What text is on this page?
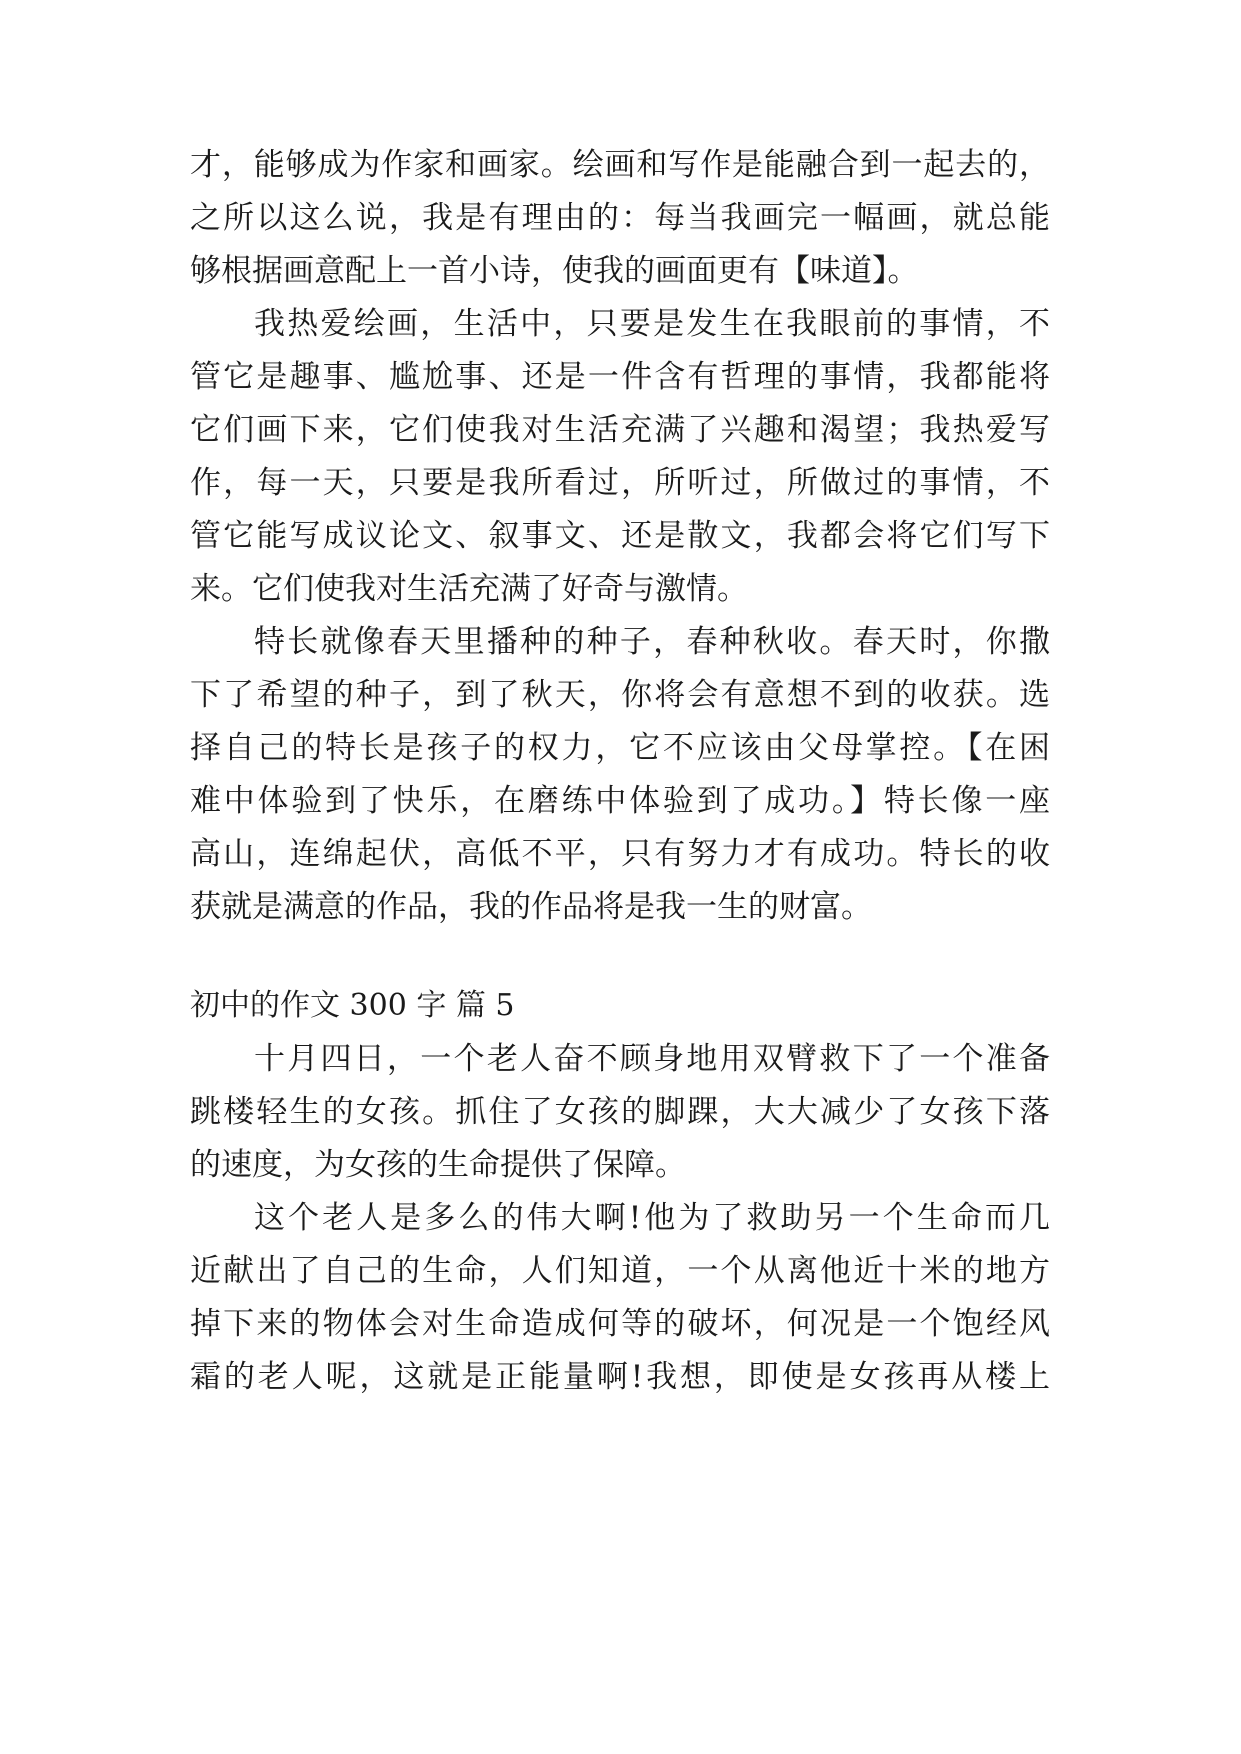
才，能够成为作家和画家。绘画和写作是能融合到一起去的，
之所以这么说，我是有理由的：每当我画完一幅画，就总能
够根据画意配上一首小诗，使我的画面更有【味道】。
我热爱绘画，生活中，只要是发生在我眼前的事情，不
管它是趣事、尴尬事、还是一件含有哲理的事情，我都能将
它们画下来，它们使我对生活充满了兴趣和渴望；我热爱写
作，每一天，只要是我所看过，所听过，所做过的事情，不
管它能写成议论文、叙事文、还是散文，我都会将它们写下
来。它们使我对生活充满了好奇与激情。
特长就像春天里播种的种子，春种秋收。春天时，你撒
下了希望的种子，到了秋天，你将会有意想不到的收获。选
择自己的特长是孩子的权力，它不应该由父母掌控。【在困
难中体验到了快乐，在磨练中体验到了成功。】特长像一座
高山，连绵起伏，高低不平，只有努力才有成功。特长的收
获就是满意的作品，我的作品将是我一生的财富。
初中的作文 300 字 篇 5
十月四日，一个老人奋不顾身地用双臂救下了一个准备
跳楼轻生的女孩。抓住了女孩的脚踝，大大减少了女孩下落
的速度，为女孩的生命提供了保障。
这个老人是多么的伟大啊!他为了救助另一个生命而几
近献出了自己的生命，人们知道，一个从离他近十米的地方
掉下来的物体会对生命造成何等的破坏，何况是一个饱经风
霜的老人呢，这就是正能量啊!我想，即使是女孩再从楼上
